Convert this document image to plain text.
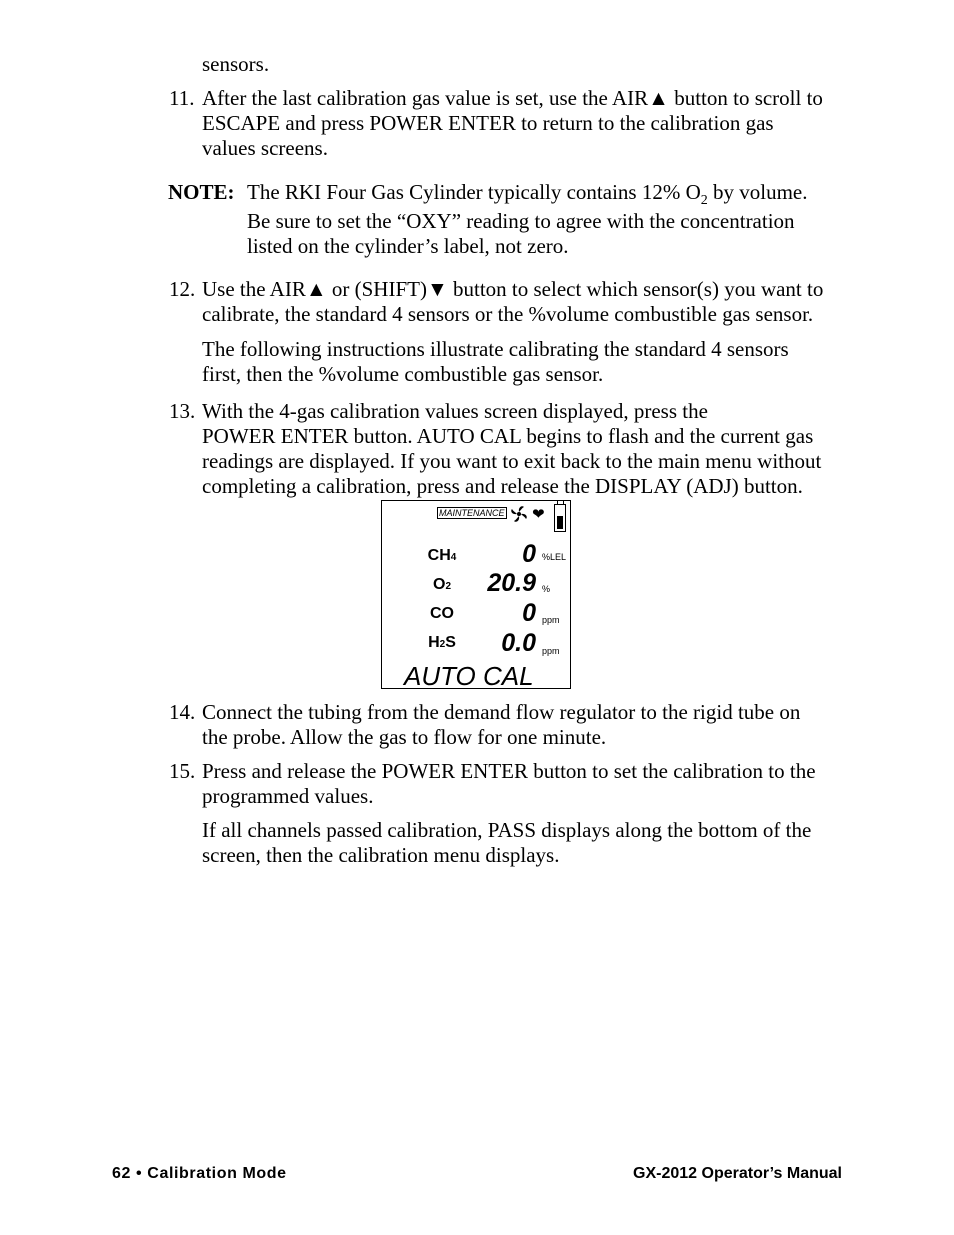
sensors.
11. After the last calibration gas value is set, use the AIR▲ button to scroll to
ESCAPE and press POWER ENTER to return to the calibration gas
values screens.
NOTE: The RKI Four Gas Cylinder typically contains 12% $O_2$ by volume.
Be sure to set the “OXY” reading to agree with the concentration
listed on the cylinder’s label, not zero.
12. Use the AIR▲ or (SHIFT)▼ button to select which sensor(s) you want to
calibrate, the standard 4 sensors or the %volume combustible gas sensor.
The following instructions illustrate calibrating the standard 4 sensors
first, then the %volume combustible gas sensor.
13. With the 4-gas calibration values screen displayed, press the
POWER ENTER button. AUTO CAL begins to flash and the current gas
readings are displayed. If you want to exit back to the main menu without
completing a calibration, press and release the DISPLAY (ADJ) button.
MAINTENANCE ❤
CH4	0 %LEL
O2	20.9 %
CO	0 ppm
H2S 0.0 ppm
AUTO CAL
14. Connect the tubing from the demand flow regulator to the rigid tube on
the probe. Allow the gas to flow for one minute.
15. Press and release the POWER ENTER button to set the calibration to the
programmed values.
If all channels passed calibration, PASS displays along the bottom of the
screen, then the calibration menu displays.
62 • Calibration Mode	GX-2012 Operator’s Manual
